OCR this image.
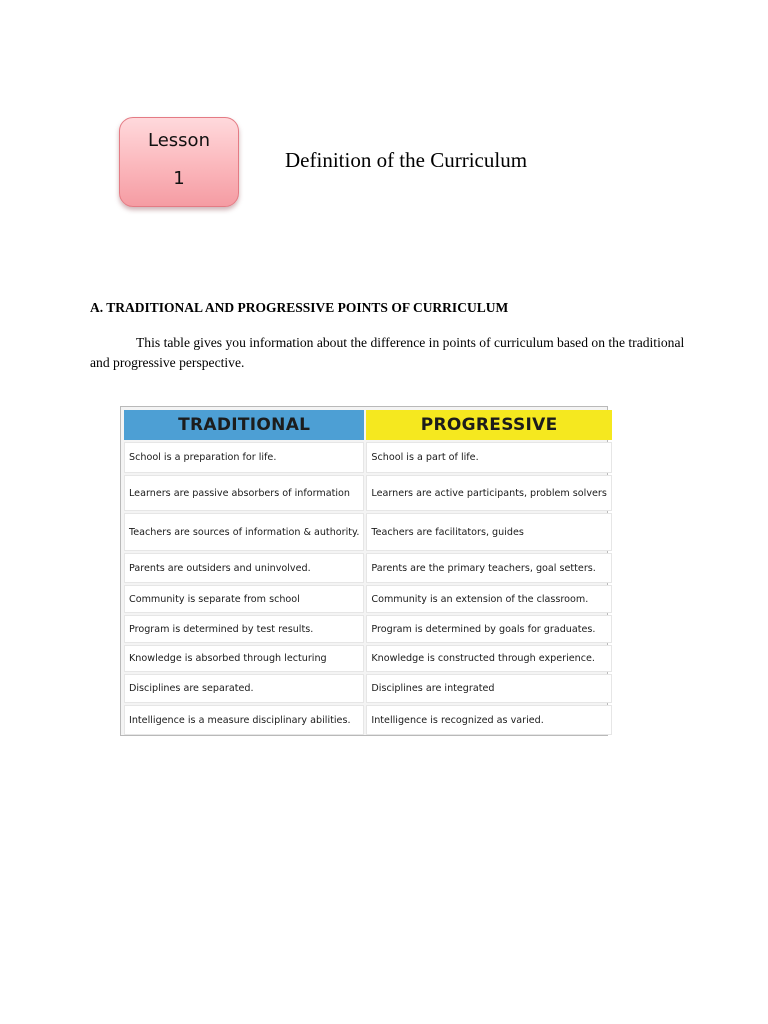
Lesson
1
Definition of the Curriculum
A. TRADITIONAL AND PROGRESSIVE POINTS OF CURRICULUM

This table gives you information about the difference in points of curriculum based on the traditional and progressive perspective.

TRADITIONAL	PROGRESSIVE
School is a preparation for life.	School is a part of life.
Learners are passive absorbers of information	Learners are active participants, problem solvers
Teachers are sources of information & authority.	Teachers are facilitators, guides
Parents are outsiders and uninvolved.	Parents are the primary teachers, goal setters.
Community is separate from school	Community is an extension of the classroom.
Program is determined by test results.	Program is determined by goals for graduates.
Knowledge is absorbed through lecturing	Knowledge is constructed through experience.
Disciplines are separated.	Disciplines are integrated
Intelligence is a measure disciplinary abilities.	Intelligence is recognized as varied.
